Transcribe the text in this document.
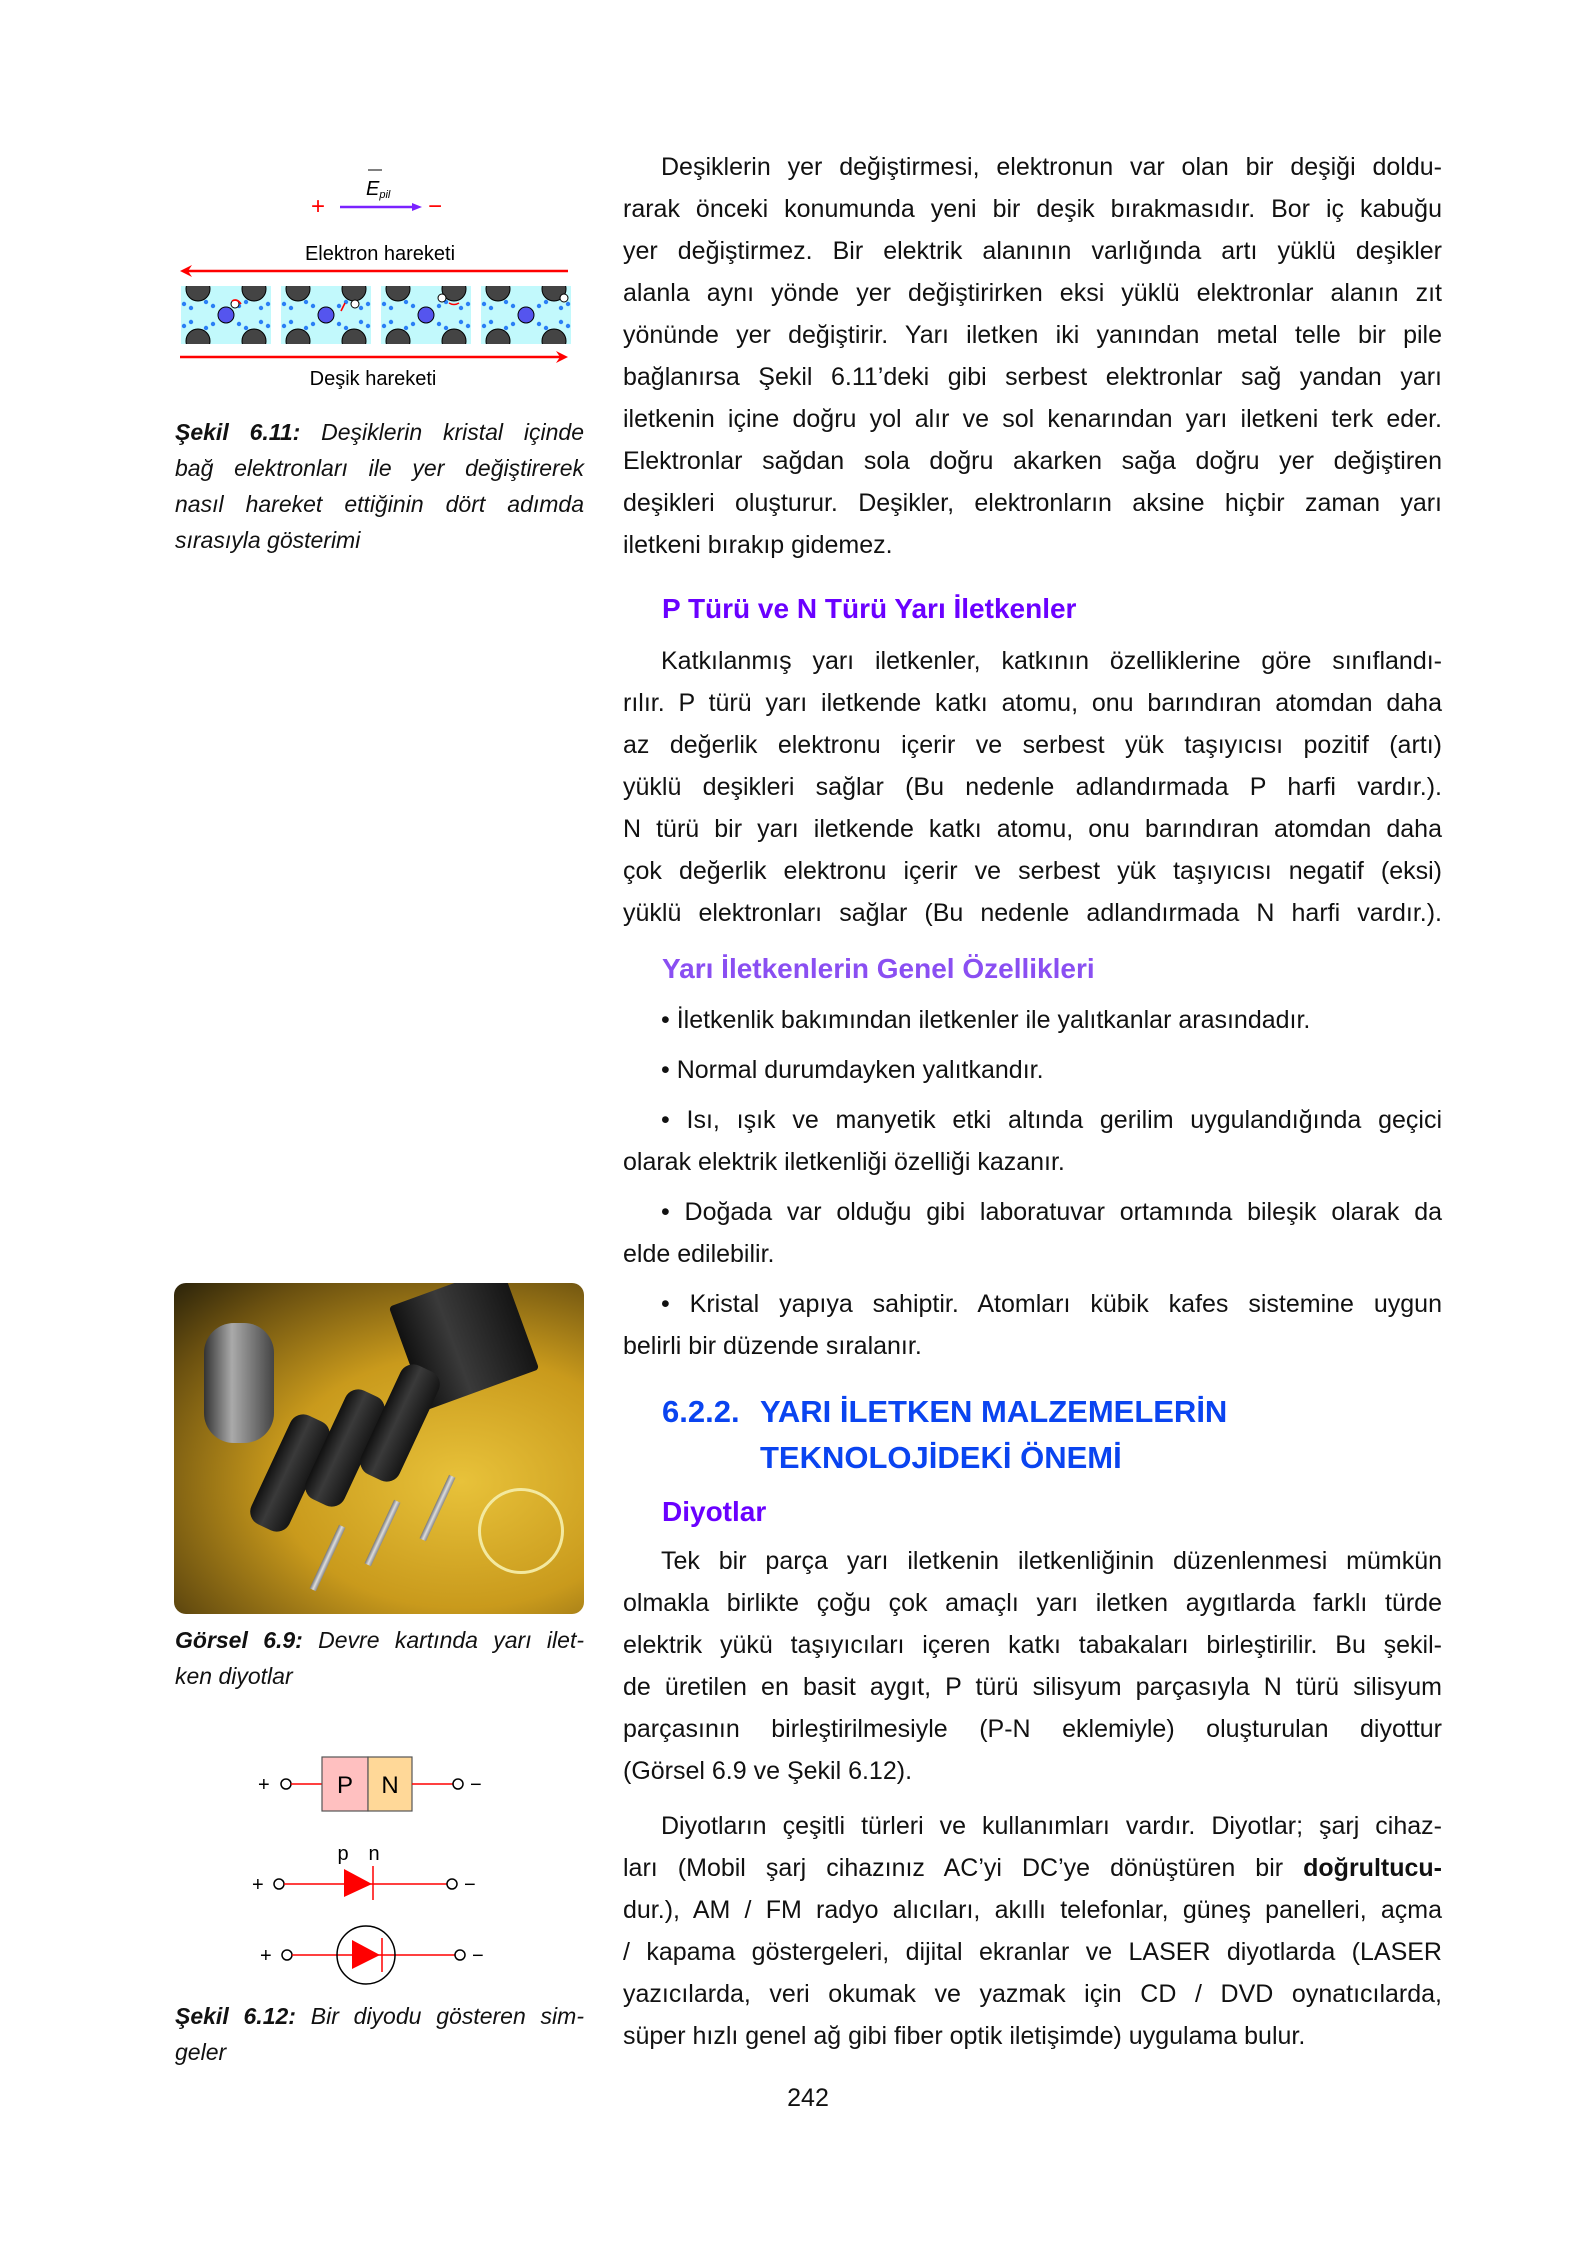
+	−
Epil
Elektron hareketi
Deşik hareketi
Şekil 6.11: Deşiklerin kristal içinde
bağ elektronları ile yer değiştirerek
nasıl hareket ettiğinin dört adımda
sırasıyla gösterimi
Görsel 6.9: Devre kartında yarı ilet-
ken diyotlar
+	P N	−
p n
+	−
+	−
Şekil 6.12: Bir diyodu gösteren sim-
geler
Deşiklerin yer değiştirmesi, elektronun var olan bir deşiği doldu-
rarak önceki konumunda yeni bir deşik bırakmasıdır. Bor iç kabuğu
yer değiştirmez. Bir elektrik alanının varlığında artı yüklü deşikler
alanla aynı yönde yer değiştirirken eksi yüklü elektronlar alanın zıt
yönünde yer değiştirir. Yarı iletken iki yanından metal telle bir pile
bağlanırsa Şekil 6.11’deki gibi serbest elektronlar sağ yandan yarı
iletkenin içine doğru yol alır ve sol kenarından yarı iletkeni terk eder.
Elektronlar sağdan sola doğru akarken sağa doğru yer değiştiren
deşikleri oluşturur. Deşikler, elektronların aksine hiçbir zaman yarı
iletkeni bırakıp gidemez.
P Türü ve N Türü Yarı İletkenler
Katkılanmış yarı iletkenler, katkının özelliklerine göre sınıflandı-
rılır. P türü yarı iletkende katkı atomu, onu barındıran atomdan daha
az değerlik elektronu içerir ve serbest yük taşıyıcısı pozitif (artı)
yüklü deşikleri sağlar (Bu nedenle adlandırmada P harfi vardır.).
N türü bir yarı iletkende katkı atomu, onu barındıran atomdan daha
çok değerlik elektronu içerir ve serbest yük taşıyıcısı negatif (eksi)
yüklü elektronları sağlar (Bu nedenle adlandırmada N harfi vardır.).
Yarı İletkenlerin Genel Özellikleri
• İletkenlik bakımından iletkenler ile yalıtkanlar arasındadır.
• Normal durumdayken yalıtkandır.
• Isı, ışık ve manyetik etki altında gerilim uygulandığında geçici
olarak elektrik iletkenliği özelliği kazanır.
• Doğada var olduğu gibi laboratuvar ortamında bileşik olarak da
elde edilebilir.
• Kristal yapıya sahiptir. Atomları kübik kafes sistemine uygun
belirli bir düzende sıralanır.
6.2.2. YARI İLETKEN MALZEMELERİN
TEKNOLOJİDEKİ ÖNEMİ
Diyotlar
Tek bir parça yarı iletkenin iletkenliğinin düzenlenmesi mümkün
olmakla birlikte çoğu çok amaçlı yarı iletken aygıtlarda farklı türde
elektrik yükü taşıyıcıları içeren katkı tabakaları birleştirilir. Bu şekil-
de üretilen en basit aygıt, P türü silisyum parçasıyla N türü silisyum
parçasının birleştirilmesiyle (P-N eklemiyle) oluşturulan diyottur
(Görsel 6.9 ve Şekil 6.12).
Diyotların çeşitli türleri ve kullanımları vardır. Diyotlar; şarj cihaz-
ları (Mobil şarj cihazınız AC’yi DC’ye dönüştüren bir doğrultucu-
dur.), AM / FM radyo alıcıları, akıllı telefonlar, güneş panelleri, açma
/ kapama göstergeleri, dijital ekranlar ve LASER diyotlarda (LASER
yazıcılarda, veri okumak ve yazmak için CD / DVD oynatıcılarda,
süper hızlı genel ağ gibi fiber optik iletişimde) uygulama bulur.
242
